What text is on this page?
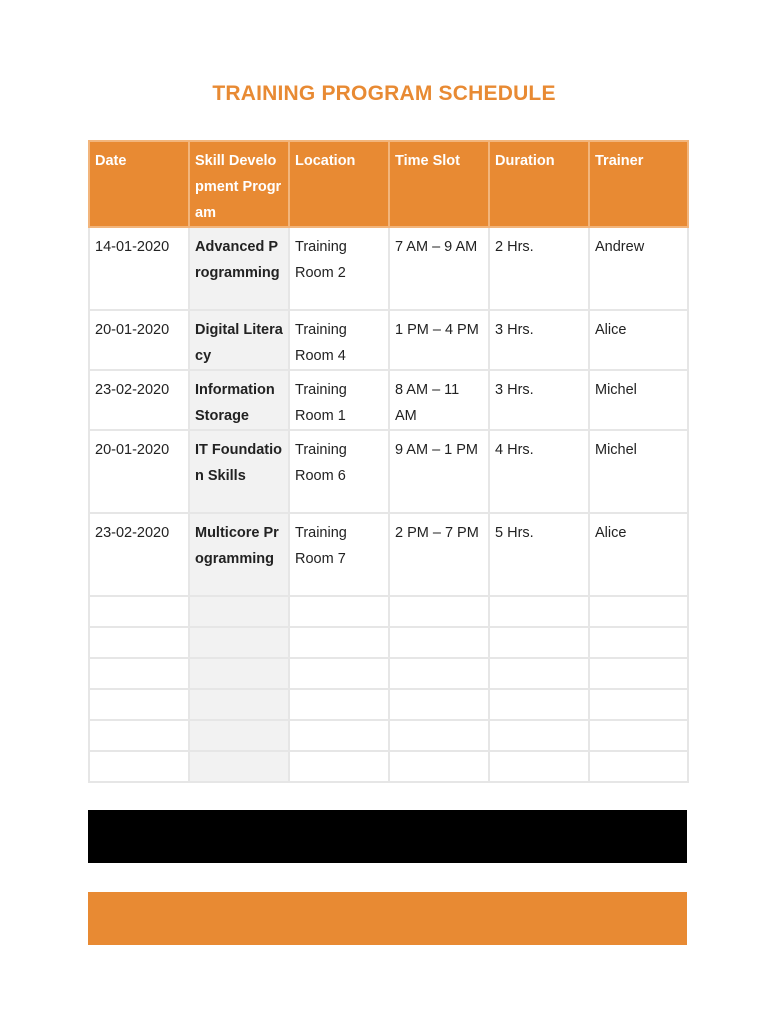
TRAINING PROGRAM SCHEDULE
Date	Skill Development Program	Location	Time Slot	Duration	Trainer
14-01-2020	Advanced Programming	Training Room 2	7 AM – 9 AM	2 Hrs.	Andrew
20-01-2020	Digital Literacy	Training Room 4	1 PM – 4 PM	3 Hrs.	Alice
23-02-2020	Information Storage	Training Room 1	8 AM – 11 AM	3 Hrs.	Michel
20-01-2020	IT Foundation Skills	Training Room 6	9 AM – 1 PM	4 Hrs.	Michel
23-02-2020	Multicore Programming	Training Room 7	2 PM – 7 PM	5 Hrs.	Alice
